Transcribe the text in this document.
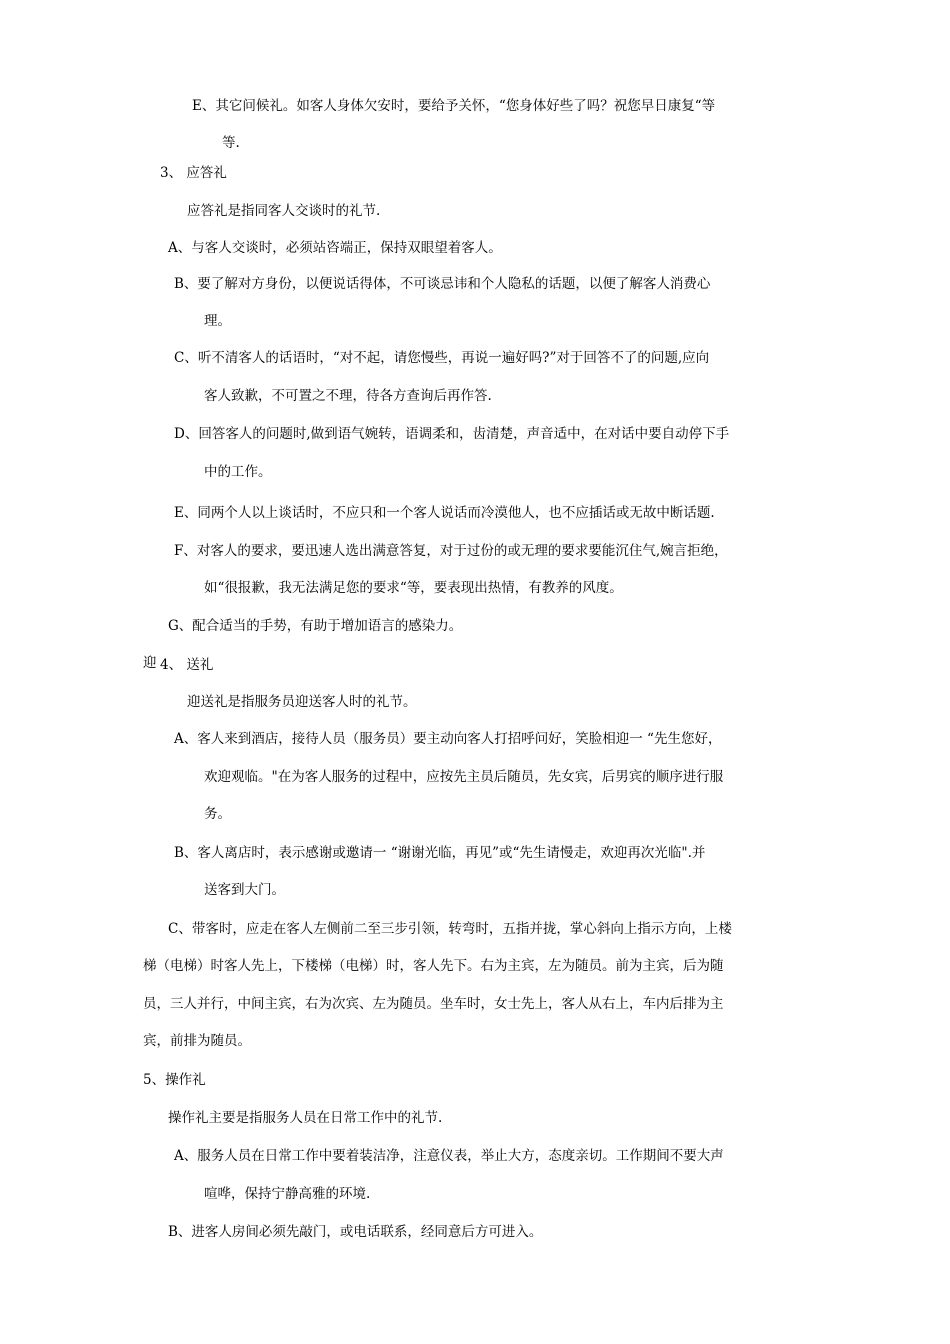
E、其它问候礼。如客人身体欠安时，要给予关怀，“您身体好些了吗？祝您早日康复“等
等.
3、 应答礼
应答礼是指同客人交谈时的礼节.
A、与客人交谈时，必须站咨端正，保持双眼望着客人。
B、要了解对方身份，以便说话得体，不可谈忌讳和个人隐私的话题，以便了解客人消费心
理。
C、听不清客人的话语时，“对不起，请您慢些，再说一遍好吗?”对于回答不了的问题,应向
客人致歉，不可置之不理，待各方查询后再作答.
D、回答客人的问题时,做到语气婉转，语调柔和，齿清楚，声音适中，在对话中要自动停下手
中的工作。
E、同两个人以上谈话时，不应只和一个客人说话而冷漠他人，也不应插话或无故中断话题.
F、对客人的要求，要迅速人选出满意答复，对于过份的或无理的要求要能沉住气,婉言拒绝，
如“很报歉，我无法满足您的要求“等，要表现出热情，有教养的风度。
G、配合适当的手势，有助于增加语言的感染力。
迎 4、 送礼
迎送礼是指服务员迎送客人时的礼节。
A、客人来到酒店，接待人员（服务员）要主动向客人打招呼问好，笑脸相迎一 “先生您好，
欢迎观临。"在为客人服务的过程中，应按先主员后随员，先女宾，后男宾的顺序进行服
务。
B、客人离店时，表示感谢或邀请一 “谢谢光临，再见”或“先生请慢走，欢迎再次光临".并
送客到大门。
C、带客时，应走在客人左侧前二至三步引领，转弯时，五指并拢，掌心斜向上指示方向，上楼
梯（电梯）时客人先上，下楼梯（电梯）时，客人先下。右为主宾，左为随员。前为主宾，后为随
员，三人并行，中间主宾，右为次宾、左为随员。坐车时，女士先上，客人从右上，车内后排为主
宾，前排为随员。
5、操作礼
操作礼主要是指服务人员在日常工作中的礼节.
A、服务人员在日常工作中要着装洁净，注意仪表，举止大方，态度亲切。工作期间不要大声
喧哗，保持宁静高雅的环境.
B、进客人房间必须先敲门，或电话联系，经同意后方可进入。
